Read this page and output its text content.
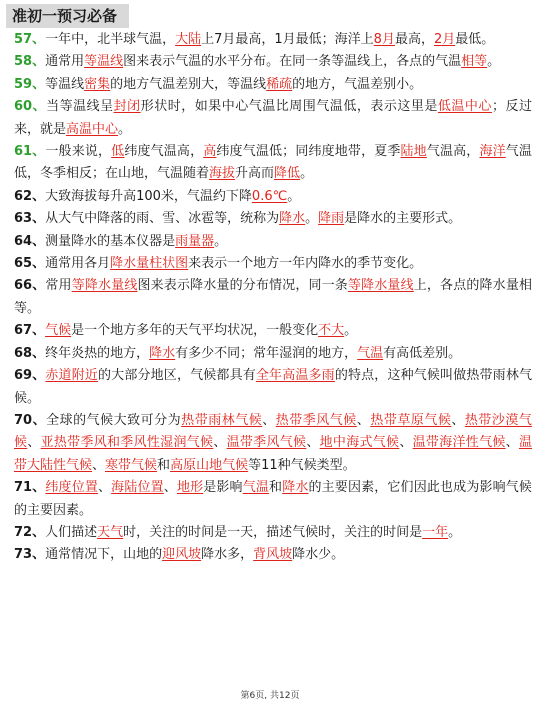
准初一预习必备

57、一年中，北半球气温，大陆上7月最高，1月最低；海洋上8月最高，2月最低。

58、通常用等温线图来表示气温的水平分布。在同一条等温线上，各点的气温相等。

59、等温线密集的地方气温差别大，等温线稀疏的地方，气温差别小。

60、当等温线呈封闭形状时，如果中心气温比周围气温低，表示这里是低温中心；反过来，就是高温中心。

61、一般来说，低纬度气温高，高纬度气温低；同纬度地带，夏季陆地气温高，海洋气温低，冬季相反；在山地，气温随着海拔升高而降低。

62、大致海拔每升高100米，气温约下降0.6℃。

63、从大气中降落的雨、雪、冰雹等，统称为降水。降雨是降水的主要形式。

64、测量降水的基本仪器是雨量器。

65、通常用各月降水量柱状图来表示一个地方一年内降水的季节变化。

66、常用等降水量线图来表示降水量的分布情况，同一条等降水量线上，各点的降水量相等。

67、气候是一个地方多年的天气平均状况，一般变化不大。

68、终年炎热的地方，降水有多少不同；常年湿润的地方，气温有高低差别。

69、赤道附近的大部分地区，气候都具有全年高温多雨的特点，这种气候叫做热带雨林气候。

70、全球的气候大致可分为热带雨林气候、热带季风气候、热带草原气候、热带沙漠气候、亚热带季风和季风性湿润气候、温带季风气候、地中海式气候、温带海洋性气候、温带大陆性气候、寒带气候和高原山地气候等11种气候类型。

71、纬度位置、海陆位置、地形是影响气温和降水的主要因素，它们因此也成为影响气候的主要因素。

72、人们描述天气时，关注的时间是一天，描述气候时，关注的时间是一年。

73、通常情况下，山地的迎风坡降水多，背风坡降水少。

第6页, 共12页
